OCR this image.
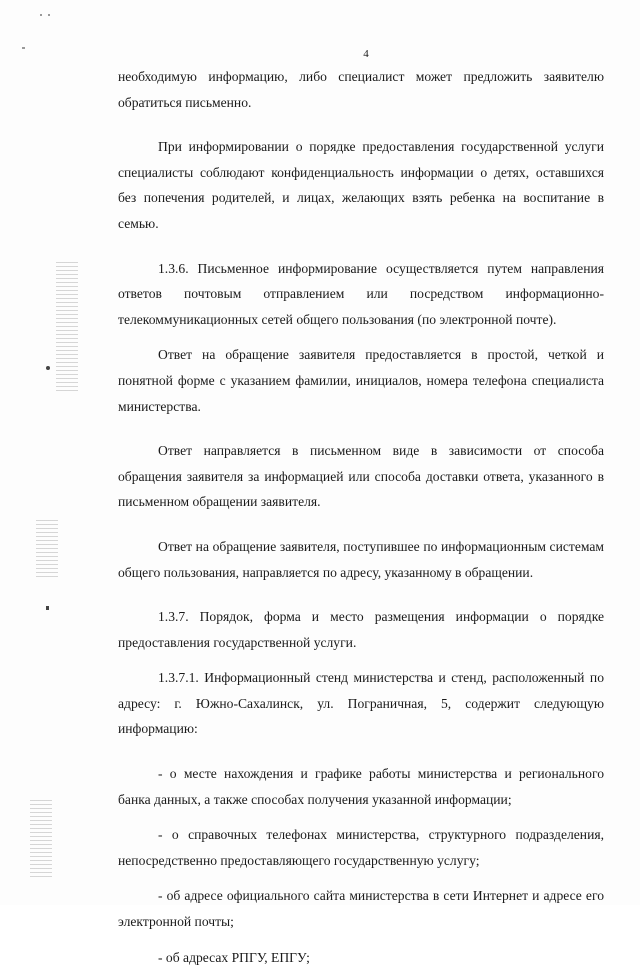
4

необходимую информацию, либо специалист может предложить заявителю обратиться письменно.

При информировании о порядке предоставления государственной услуги специалисты соблюдают конфиденциальность информации о детях, оставшихся без попечения родителей, и лицах, желающих взять ребенка на воспитание в семью.

1.3.6. Письменное информирование осуществляется путем направления ответов почтовым отправлением или посредством информационно-телекоммуникационных сетей общего пользования (по электронной почте).

Ответ на обращение заявителя предоставляется в простой, четкой и понятной форме с указанием фамилии, инициалов, номера телефона специалиста министерства.

Ответ направляется в письменном виде в зависимости от способа обращения заявителя за информацией или способа доставки ответа, указанного в письменном обращении заявителя.

Ответ на обращение заявителя, поступившее по информационным системам общего пользования, направляется по адресу, указанному в обращении.

1.3.7. Порядок, форма и место размещения информации о порядке предоставления государственной услуги.

1.3.7.1. Информационный стенд министерства и стенд, расположенный по адресу: г. Южно-Сахалинск, ул. Пограничная, 5, содержит следующую информацию:

- о месте нахождения и графике работы министерства и регионального банка данных, а также способах получения указанной информации;

- о справочных телефонах министерства, структурного подразделения, непосредственно предоставляющего государственную услугу;

- об адресе официального сайта министерства в сети Интернет и адресе его электронной почты;

- об адресах РПГУ, ЕПГУ;
